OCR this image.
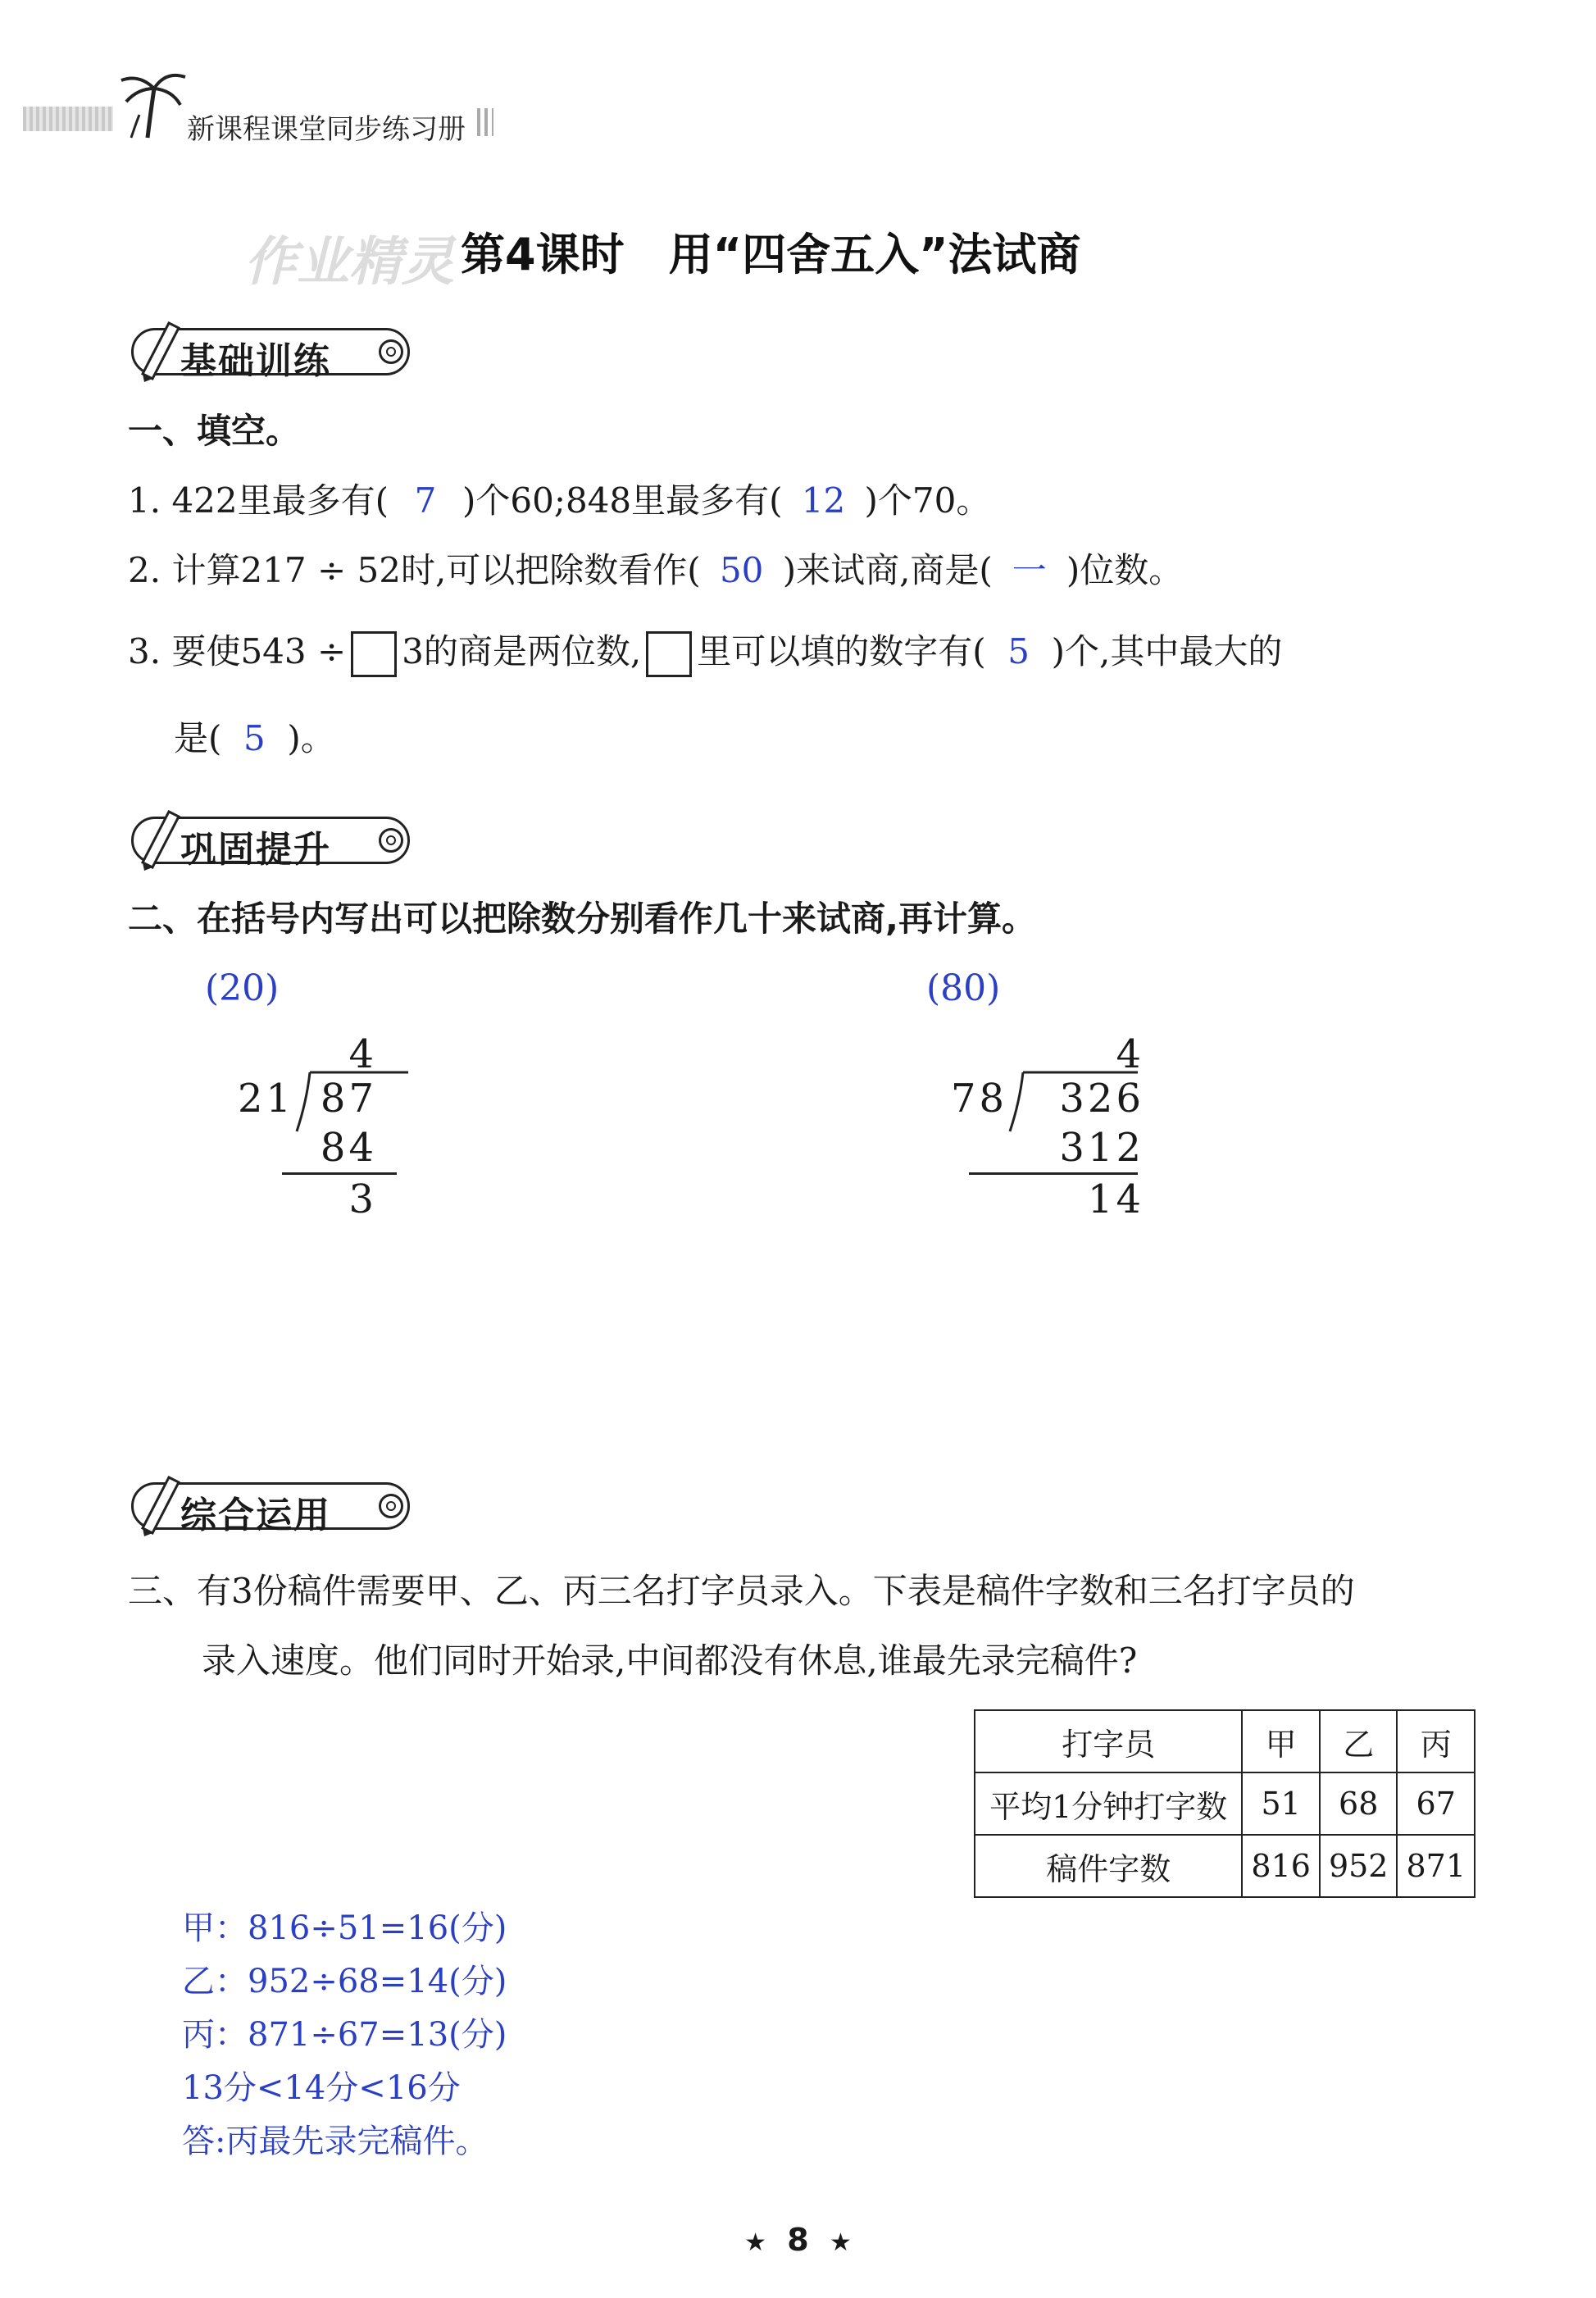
新课程课堂同步练习册
作业精灵 第4课时　用“四舍五入”法试商
基础训练
一、填空。
1. 422里最多有( 7 )个60;848里最多有( 12 )个70。
2. 计算217 ÷ 52时,可以把除数看作( 50 )来试商,商是( 一 )位数。
3. 要使543 ÷ 3的商是两位数, 里可以填的数字有( 5 )个,其中最大的
是( 5 )。
巩固提升
二、在括号内写出可以把除数分别看作几十来试商,再计算。
(20)
4
21 87
84
3
(80)
4
78 326
312
14
综合运用
三、有3份稿件需要甲、乙、丙三名打字员录入。下表是稿件字数和三名打字员的
录入速度。他们同时开始录,中间都没有休息,谁最先录完稿件?
打字员	甲	乙	丙
平均1分钟打字数	51	68	67
稿件字数	816	952	871
甲：816÷51=16(分)
乙：952÷68=14(分)
丙：871÷67=13(分)
13分<14分<16分
答:丙最先录完稿件。
★ 8 ★
